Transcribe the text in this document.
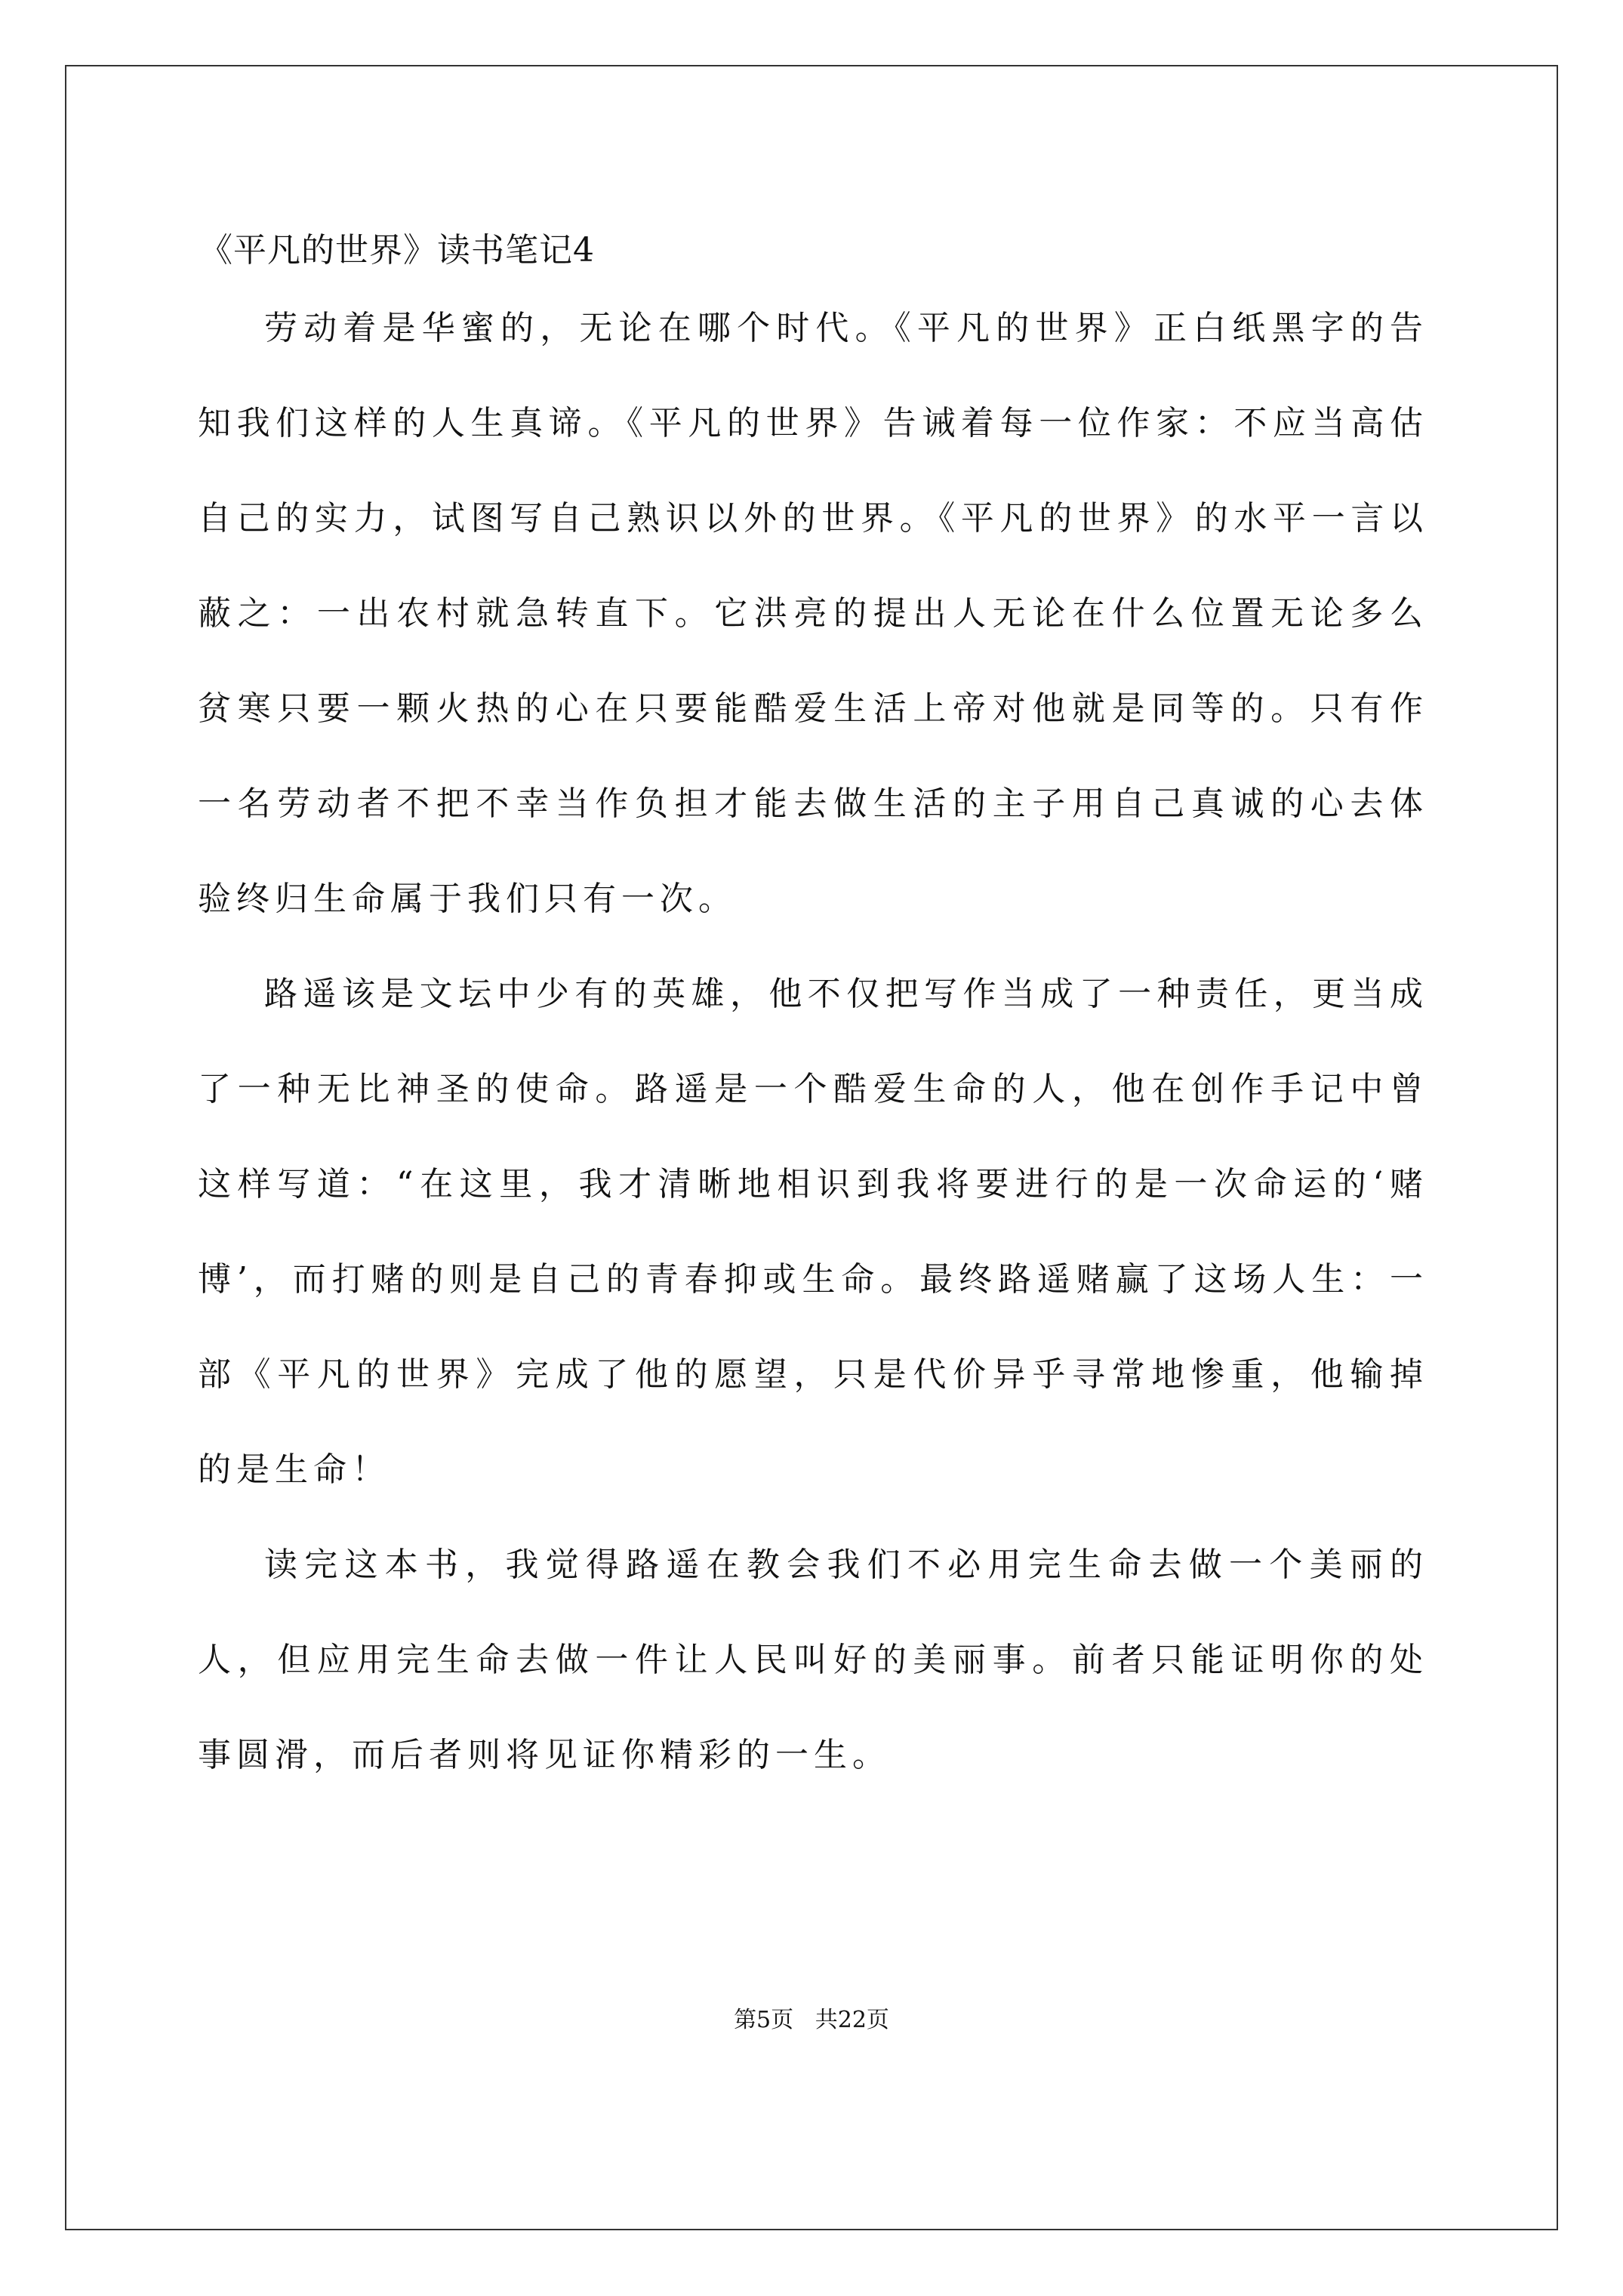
《平凡的世界》读书笔记4

劳动着是华蜜的，无论在哪个时代。《平凡的世界》正白纸黑字的告知我们这样的人生真谛。《平凡的世界》告诫着每一位作家：不应当高估自己的实力，试图写自己熟识以外的世界。《平凡的世界》的水平一言以蔽之：一出农村就急转直下。它洪亮的提出人无论在什么位置无论多么贫寒只要一颗火热的心在只要能酷爱生活上帝对他就是同等的。只有作一名劳动者不把不幸当作负担才能去做生活的主子用自己真诚的心去体验终归生命属于我们只有一次。

路遥该是文坛中少有的英雄，他不仅把写作当成了一种责任，更当成了一种无比神圣的使命。路遥是一个酷爱生命的人，他在创作手记中曾这样写道：“在这里，我才清晰地相识到我将要进行的是一次命运的‘赌博’，而打赌的则是自己的青春抑或生命。最终路遥赌赢了这场人生：一部《平凡的世界》完成了他的愿望，只是代价异乎寻常地惨重，他输掉的是生命！

读完这本书，我觉得路遥在教会我们不必用完生命去做一个美丽的人，但应用完生命去做一件让人民叫好的美丽事。前者只能证明你的处事圆滑，而后者则将见证你精彩的一生。

第5页   共22页
